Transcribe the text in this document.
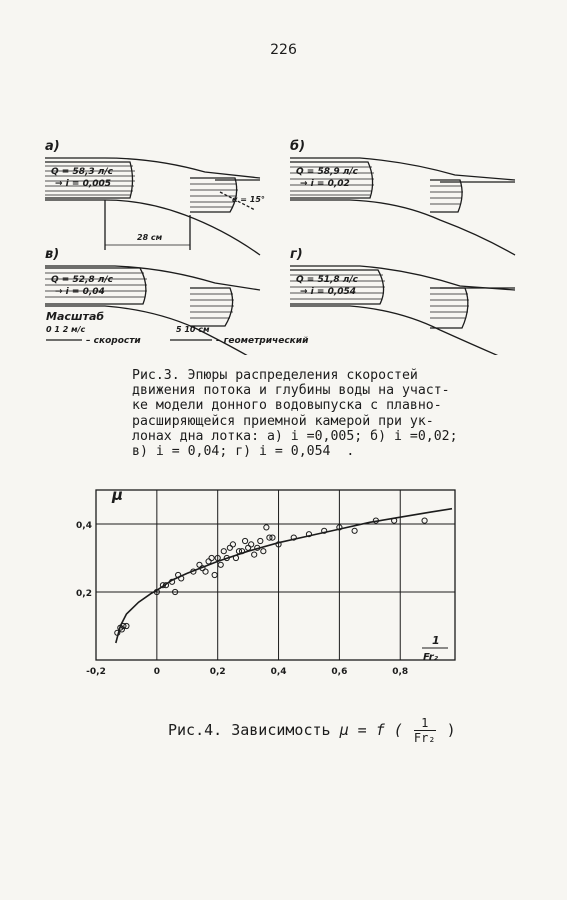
226
а)
Q = 58,3 л/с
→ i = 0,005
28 см
α = 15°
б)
Q = 58,9 л/с
→ i = 0,02
в)
Q = 52,8 л/с
→ i = 0,04
г)
Q = 51,8 л/с
→ i = 0,054
Масштаб
0 1 2 м/с
– скорости
5 10 см
– геометрический
Рис.3. Эпюры распределения скоростей
движения потока и глубины воды на участ-
ке модели донного водовыпуска с плавно-
расширяющейся приемной камерой при ук-
лонах дна лотка: а) i =0,005; б) i =0,02;
в) i = 0,04; г) i = 0,054  .
μ
1
Fr₂
-0,2	0	0,2	0,4	0,6	0,8
0,2
0,4
Рис.4. Зависимость μ = f ( $\frac{1}{\text{Fr₂}}$ )
